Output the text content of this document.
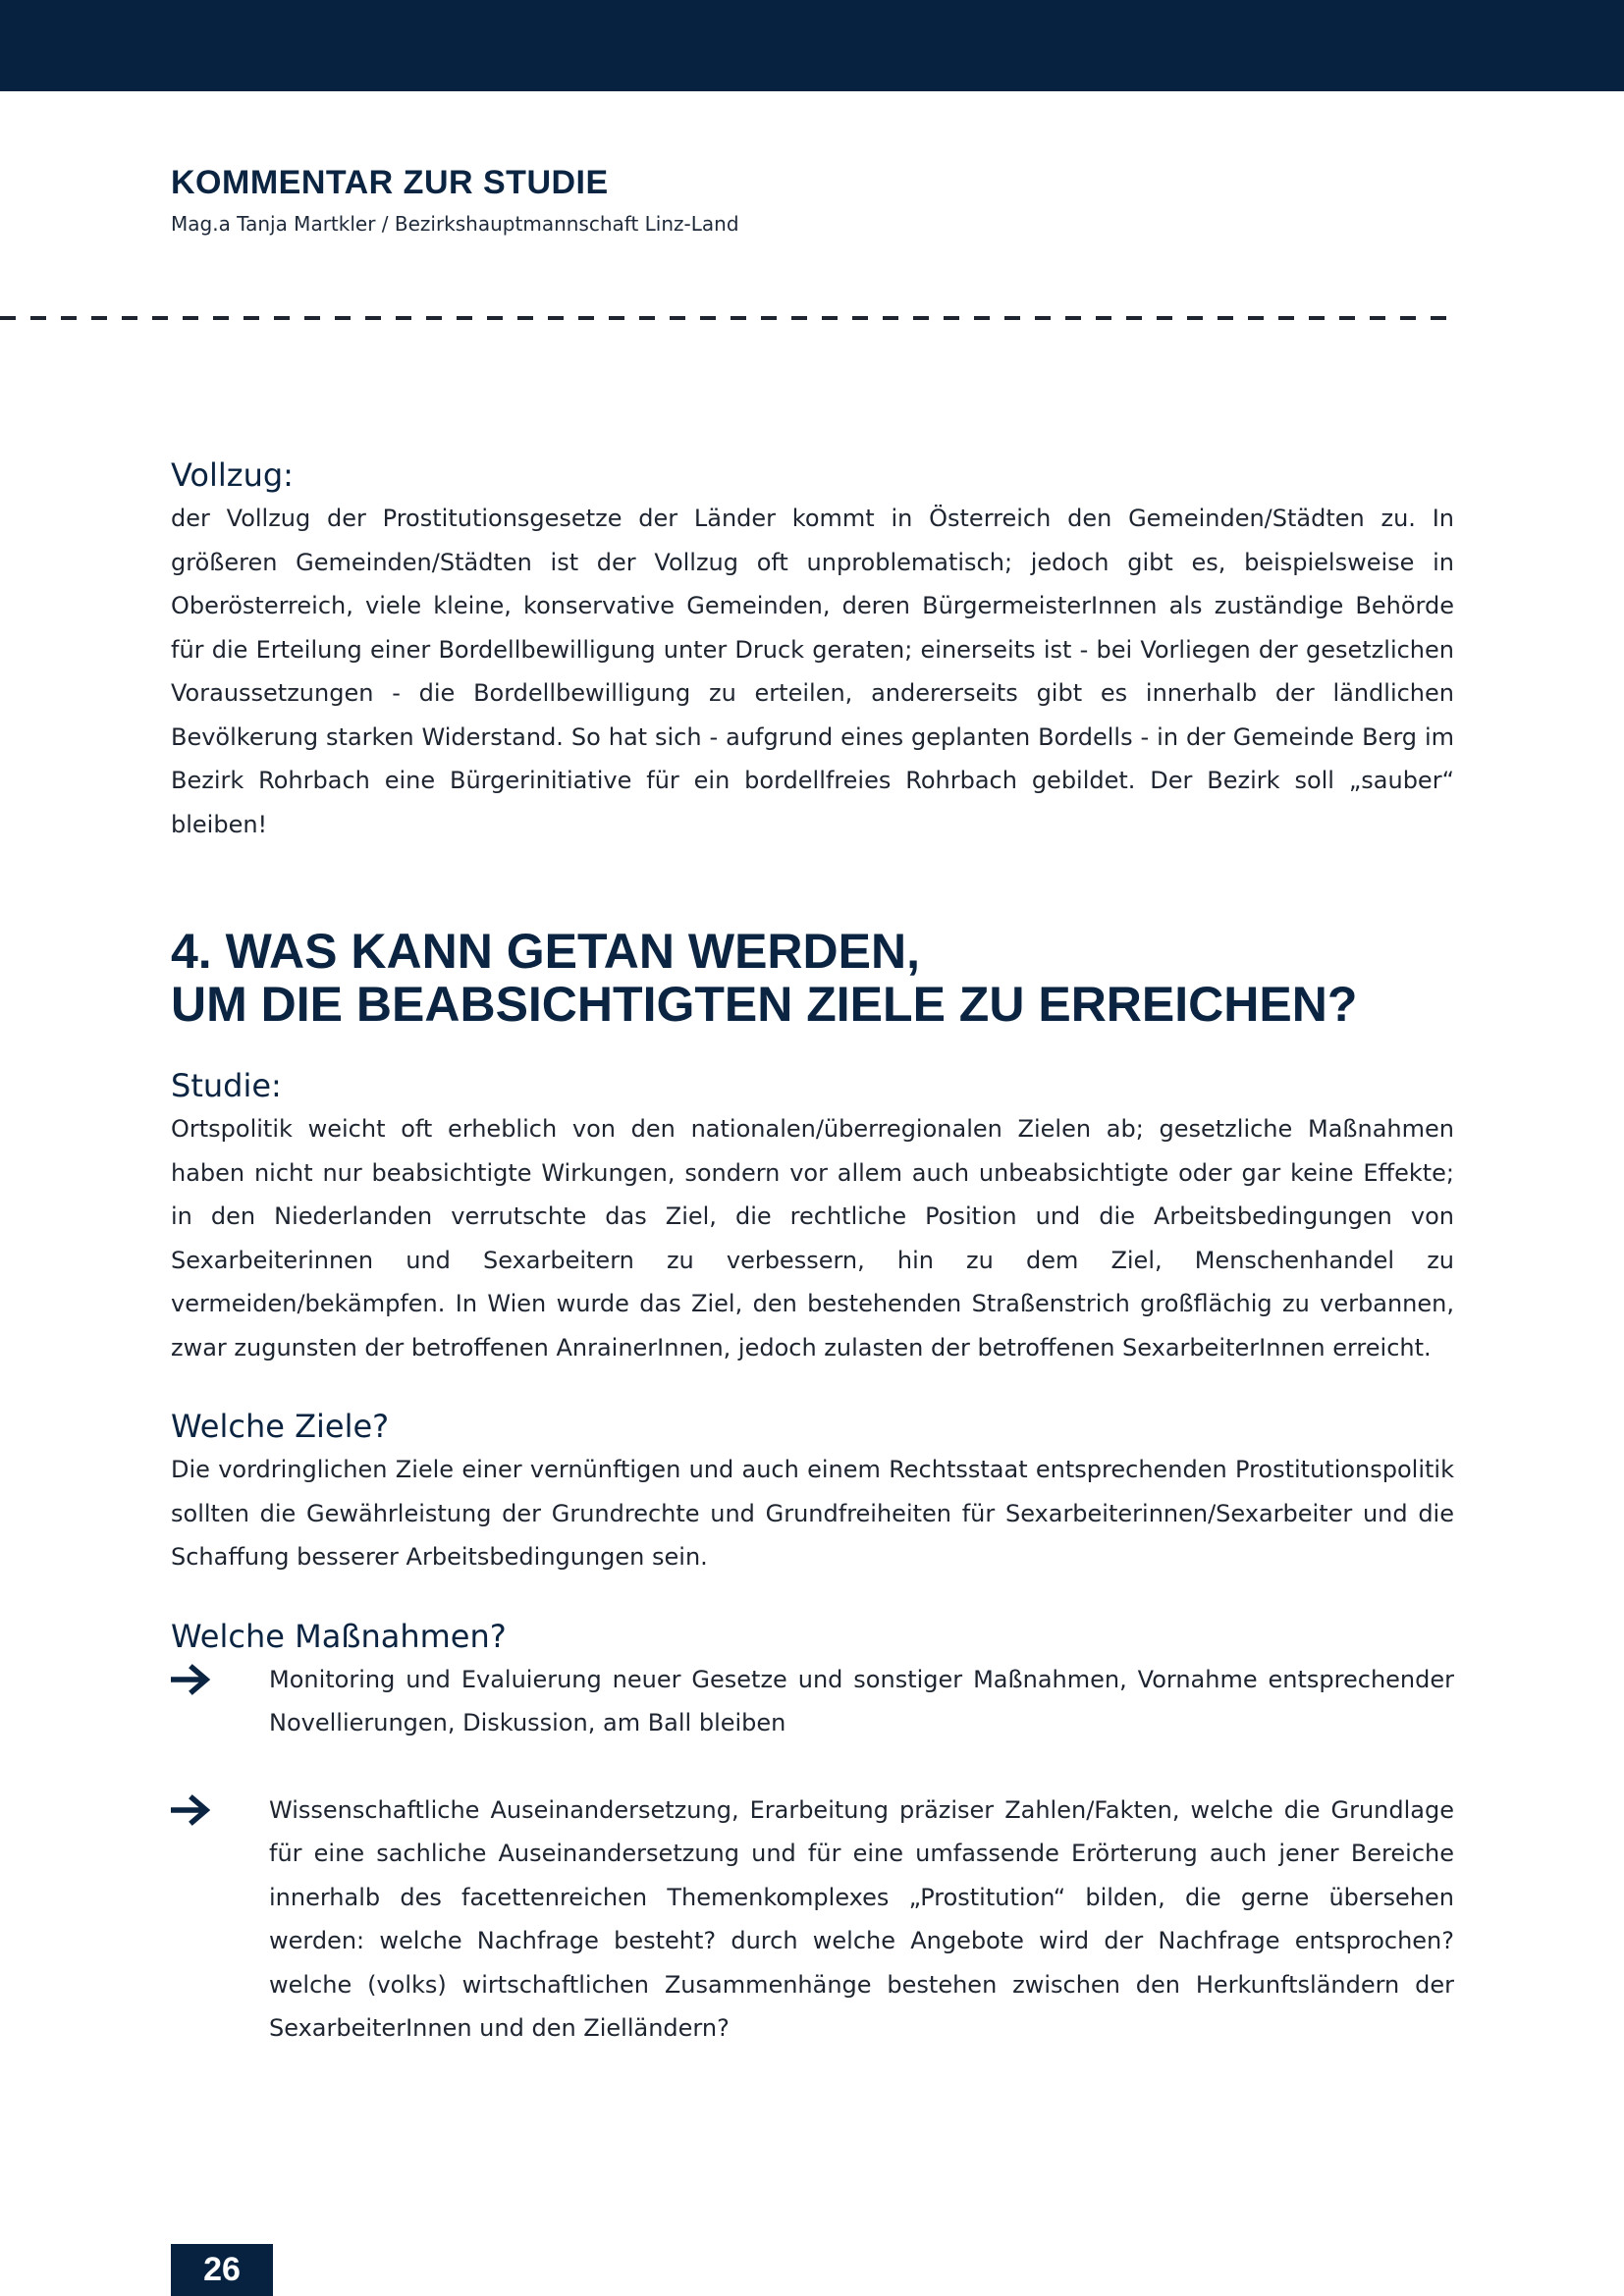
KOMMENTAR ZUR STUDIE
Mag.a Tanja Martkler / Bezirkshauptmannschaft Linz-Land
Vollzug:

der Vollzug der Prostitutionsgesetze der Länder kommt in Österreich den Gemeinden/Städten zu. In größeren Gemeinden/Städten ist der Vollzug oft unproblematisch; jedoch gibt es, beispielsweise in Oberösterreich, viele kleine, konservative Gemeinden, deren BürgermeisterInnen als zuständige Behörde für die Erteilung einer Bordellbewilligung unter Druck geraten; einerseits ist - bei Vorliegen der gesetzlichen Voraussetzungen - die Bordellbewilligung zu erteilen, andererseits gibt es innerhalb der ländlichen Bevölkerung starken Widerstand. So hat sich - aufgrund eines geplanten Bordells - in der Gemeinde Berg im Bezirk Rohrbach eine Bürgerinitiative für ein bordellfreies Rohrbach gebildet. Der Bezirk soll „sauber“ bleiben!

4. WAS KANN GETAN WERDEN,
UM DIE BEABSICHTIGTEN ZIELE ZU ERREICHEN?
Studie:

Ortspolitik weicht oft erheblich von den nationalen/überregionalen Zielen ab; gesetzliche Maßnahmen haben nicht nur beabsichtigte Wirkungen, sondern vor allem auch unbeabsichtigte oder gar keine Effekte; in den Niederlanden verrutschte das Ziel, die rechtliche Position und die Arbeitsbedingungen von Sexarbeiterinnen und Sexarbeitern zu verbessern, hin zu dem Ziel, Menschenhandel zu vermeiden/bekämpfen. In Wien wurde das Ziel, den bestehenden Straßenstrich großflächig zu verbannen, zwar zugunsten der betroffenen AnrainerInnen, jedoch zulasten der betroffenen SexarbeiterInnen erreicht.

Welche Ziele?

Die vordringlichen Ziele einer vernünftigen und auch einem Rechtsstaat entsprechenden Prostitutionspolitik sollten die Gewährleistung der Grundrechte und Grundfreiheiten für Sexarbeiterinnen/Sexarbeiter und die Schaffung besserer Arbeitsbedingungen sein.

Welche Maßnahmen?

Monitoring und Evaluierung neuer Gesetze und sonstiger Maßnahmen, Vornahme entsprechender Novellierungen, Diskussion, am Ball bleiben

Wissenschaftliche Auseinandersetzung, Erarbeitung präziser Zahlen/Fakten, welche die Grundlage für eine sachliche Auseinandersetzung und für eine umfassende Erörterung auch jener Bereiche innerhalb des facettenreichen Themenkomplexes „Prostitution“ bilden, die gerne übersehen werden: welche Nachfrage besteht? durch welche Angebote wird der Nachfrage entsprochen? welche (volks) wirtschaftlichen Zusammenhänge bestehen zwischen den Herkunftsländern der SexarbeiterInnen und den Zielländern?

26
